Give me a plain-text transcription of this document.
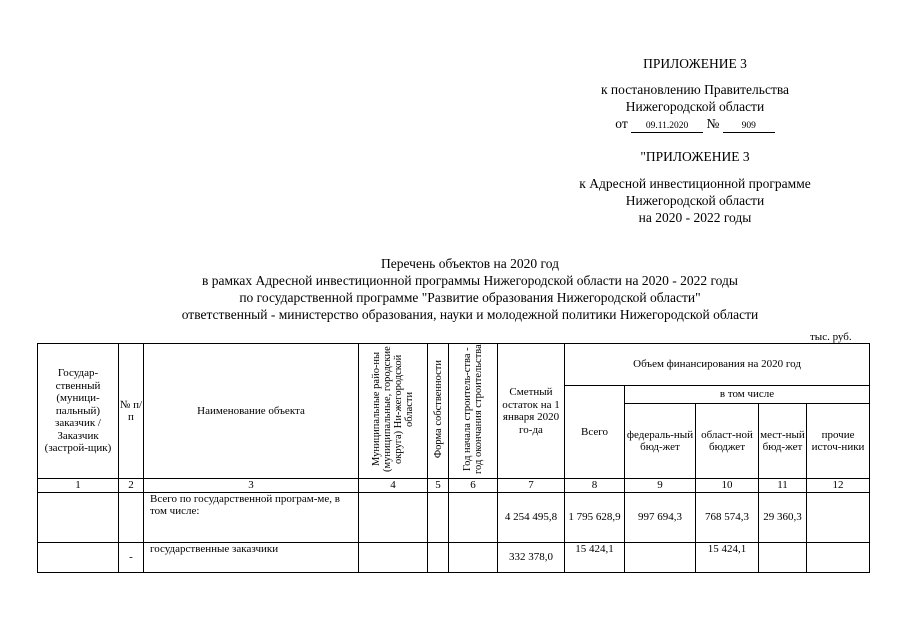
ПРИЛОЖЕНИЕ 3
к постановлению Правительства
Нижегородской области
от 09.11.2020 № 909
"ПРИЛОЖЕНИЕ 3
к Адресной инвестиционной программе
Нижегородской области
на 2020 - 2022 годы
Перечень объектов на 2020 год
в рамках Адресной инвестиционной программы Нижегородской области на 2020 - 2022 годы
по государственной программе "Развитие образования Нижегородской области"
ответственный - министерство образования, науки и молодежной политики Нижегородской области
тыс. руб.
Государ-ственный (муници-пальный) заказчик / Заказчик (застрой-щик)	№ п/п	Наименование объекта	Муниципальные райо-ны (муниципальные, городские округа) Ни-жегородской области	Форма собственности	Год начала строитель-ства - год окончания строительства	Сметный остаток на 1 января 2020 го-да	Объем финансирования на 2020 год				
							Всего	в том числе			
								федераль-ный бюд-жет	област-ной бюджет	мест-ный бюд-жет	прочие источ-ники
1	2	3	4	5	6	7	8	9	10	11	12
		Всего по государственной програм-ме, в том числе:				4 254 495,8	1 795 628,9	997 694,3	768 574,3	29 360,3	
	-	государственные заказчики				332 378,0	15 424,1		15 424,1		
